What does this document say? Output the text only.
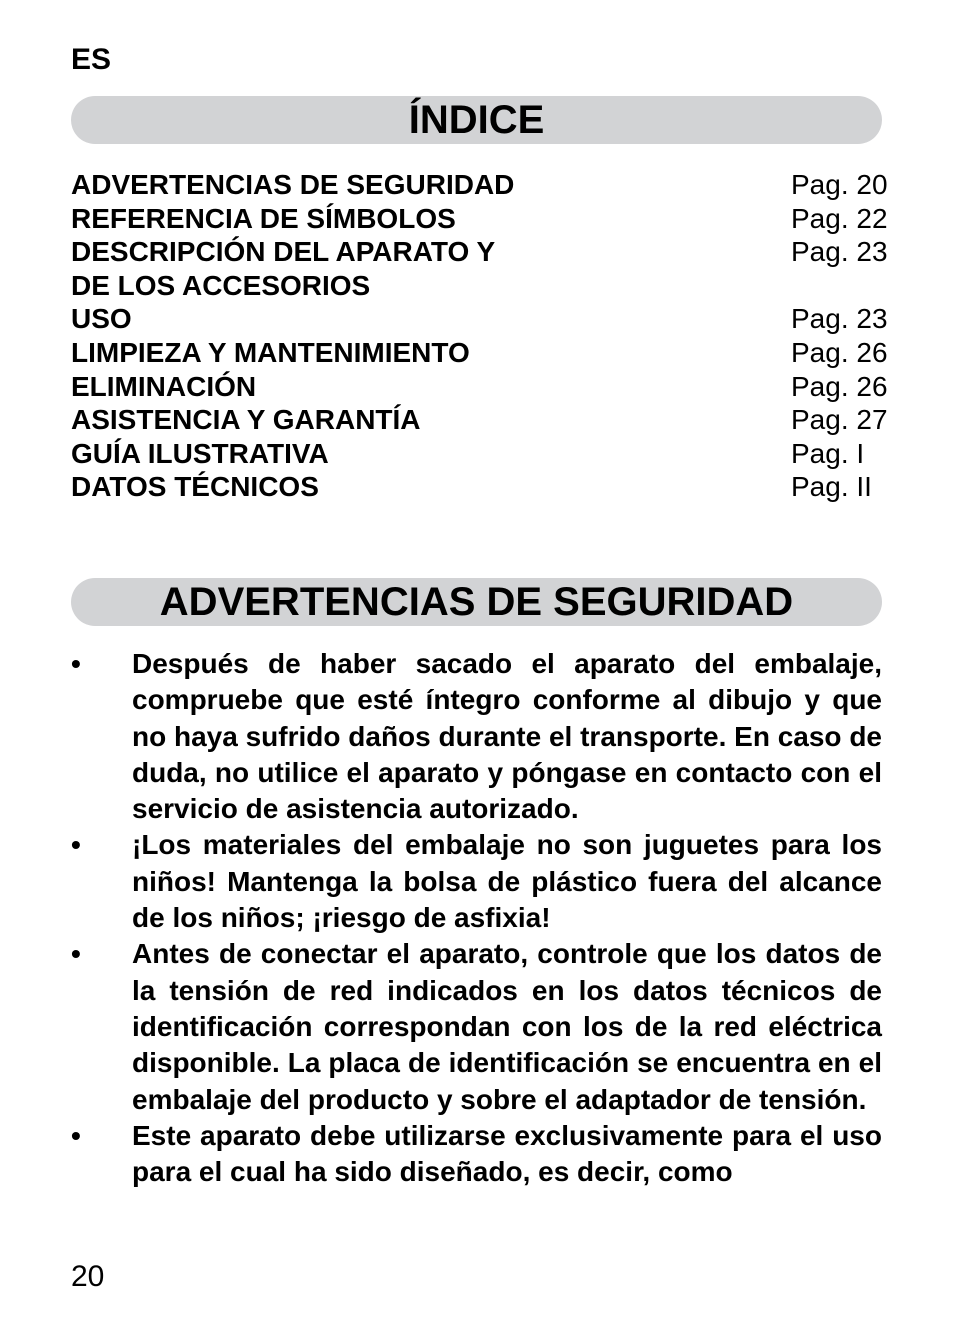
ES
ÍNDICE
ADVERTENCIAS DE SEGURIDAD	Pag. 20
REFERENCIA DE SÍMBOLOS	Pag. 22
DESCRIPCIÓN DEL APARATO Y	Pag. 23
DE LOS ACCESORIOS
USO	Pag. 23
LIMPIEZA Y MANTENIMIENTO	Pag. 26
ELIMINACIÓN	Pag. 26
ASISTENCIA Y GARANTÍA	Pag. 27
GUÍA ILUSTRATIVA	Pag. I
DATOS TÉCNICOS	Pag. II
ADVERTENCIAS DE SEGURIDAD
• Después de haber sacado el aparato del embalaje, compruebe que esté íntegro conforme al dibujo y que no haya sufrido daños durante el transporte. En caso de duda, no utilice el aparato y póngase en contacto con el servicio de asistencia autorizado.
• ¡Los materiales del embalaje no son juguetes para los niños! Mantenga la bolsa de plástico fuera del alcance de los niños; ¡riesgo de asfixia!
• Antes de conectar el aparato, controle que los datos de la tensión de red indicados en los datos técnicos de identificación correspondan con los de la red eléctrica disponible. La placa de identificación se encuentra en el embalaje del producto y sobre el adaptador de tensión.
• Este aparato debe utilizarse exclusivamente para el uso para el cual ha sido diseñado, es decir, como
20
